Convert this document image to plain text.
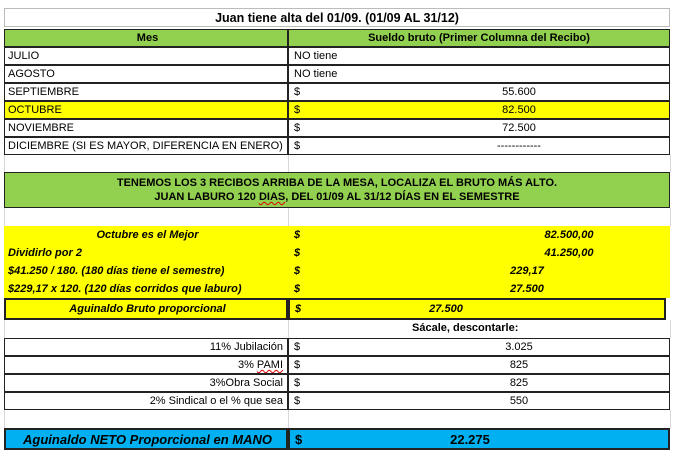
Juan tiene alta del 01/09. (01/09 AL 31/12)
Mes	Sueldo bruto (Primer Columna del Recibo)
JULIO	NO tiene
AGOSTO	NO tiene
SEPTIEMBRE	$	55.600
OCTUBRE	$	82.500
NOVIEMBRE	$	72.500
DICIEMBRE (SI ES MAYOR, DIFERENCIA EN ENERO)	$	------------
TENEMOS LOS 3 RECIBOS ARRIBA DE LA MESA, LOCALIZA EL BRUTO MÁS ALTO.
JUAN LABURO 120 DIAS, DEL 01/09 AL 31/12 DÍAS EN EL SEMESTRE
Octubre es el Mejor	$	82.500,00
Dividirlo por 2	$	41.250,00
$41.250 / 180. (180 días tiene el semestre)	$	229,17
$229,17 x 120. (120 días corridos que laburo)	$	27.500
Aguinaldo Bruto proporcional	$	27.500
Sácale, descontarle:
11% Jubilación	$	3.025
3% PAMI $	825
3%Obra Social	$	825
2% Sindical o el % que sea	$	550
Aguinaldo NETO Proporcional en MANO	$	22.275
